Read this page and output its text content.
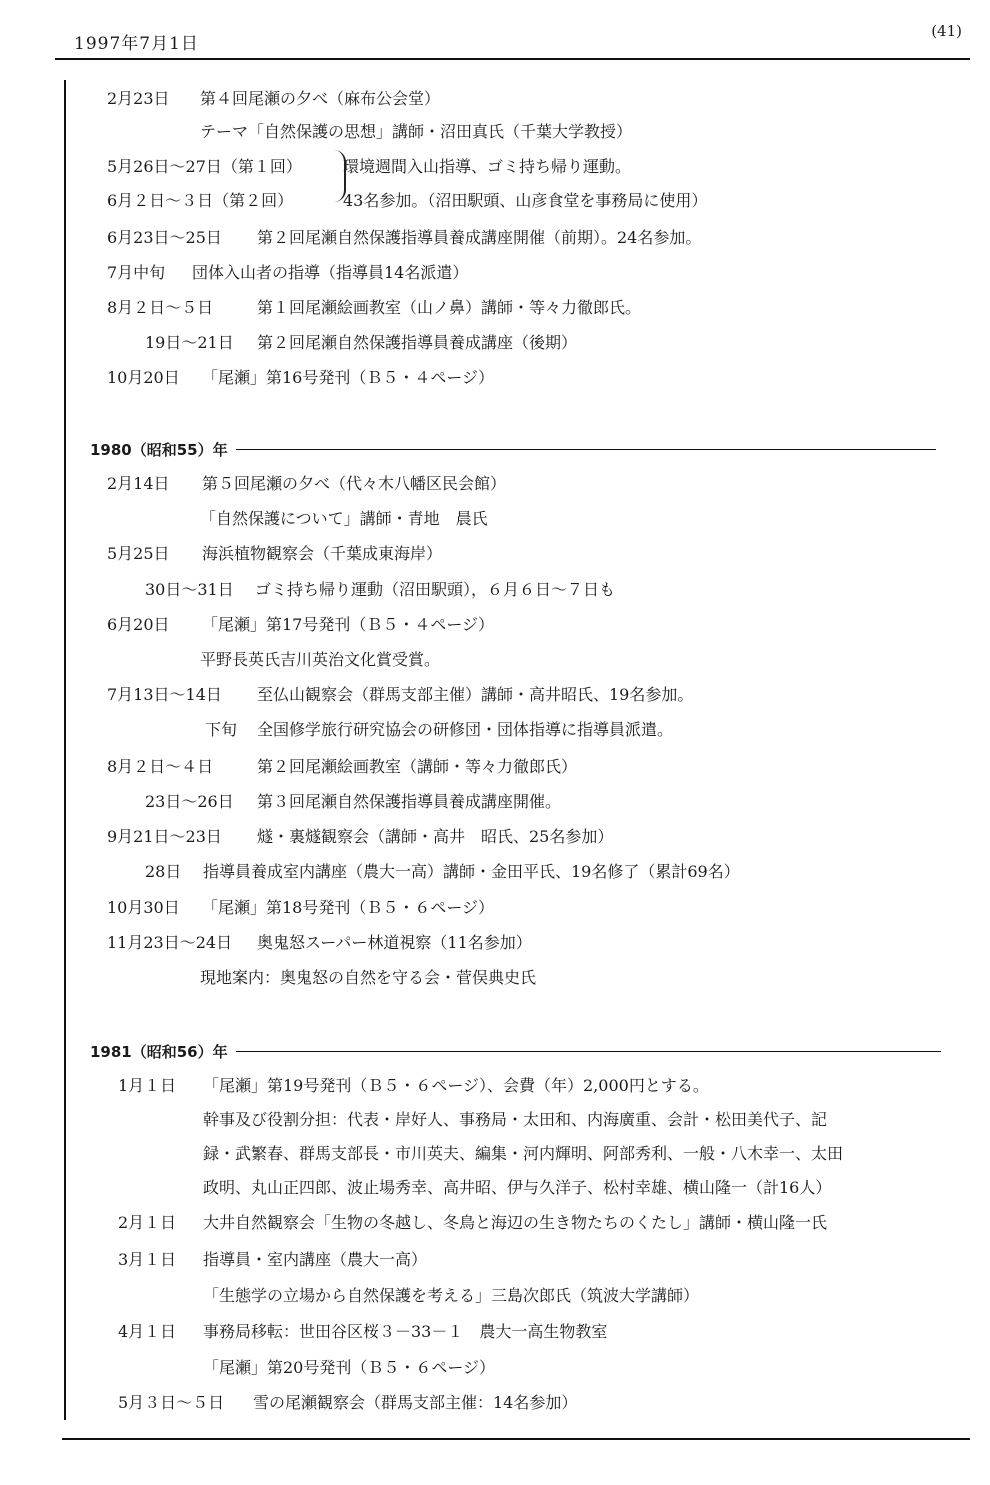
1997年7月1日
(41)
1980（昭和55）年
1981（昭和56）年
2月23日 第４回尾瀬の夕べ（麻布公会堂）
テーマ「自然保護の思想」講師・沼田真氏（千葉大学教授）
5月26日～27日（第１回）	環境週間入山指導、ゴミ持ち帰り運動。
6月２日～３日（第２回）	43名参加。（沼田駅頭、山彦食堂を事務局に使用）
6月23日～25日 第２回尾瀬自然保護指導員養成講座開催（前期）。24名参加。
7月中旬 団体入山者の指導（指導員14名派遣）
8月２日～５日	第１回尾瀬絵画教室（山ノ鼻）講師・等々力徹郎氏。
19日～21日 第２回尾瀬自然保護指導員養成講座（後期）
10月20日 「尾瀬」第16号発刊（Ｂ５・４ページ）
2月14日 第５回尾瀬の夕べ（代々木八幡区民会館）
「自然保護について」講師・青地　晨氏
5月25日 海浜植物観察会（千葉成東海岸）
30日～31日 ゴミ持ち帰り運動（沼田駅頭），６月６日～７日も
6月20日 「尾瀬」第17号発刊（Ｂ５・４ページ）
平野長英氏吉川英治文化賞受賞。
7月13日～14日 至仏山観察会（群馬支部主催）講師・高井昭氏、19名参加。
下旬 全国修学旅行研究協会の研修団・団体指導に指導員派遣。
8月２日～４日	第２回尾瀬絵画教室（講師・等々力徹郎氏）
23日～26日 第３回尾瀬自然保護指導員養成講座開催。
9月21日～23日 燧・裏燧観察会（講師・高井　昭氏、25名参加）
28日 指導員養成室内講座（農大一高）講師・金田平氏、19名修了（累計69名）
10月30日 「尾瀬」第18号発刊（Ｂ５・６ページ）
11月23日～24日 奥鬼怒スーパー林道視察（11名参加）
現地案内：奥鬼怒の自然を守る会・菅俣典史氏
1月１日 「尾瀬」第19号発刊（Ｂ５・６ページ）、会費（年）2,000円とする。
幹事及び役割分担：代表・岸好人、事務局・太田和、内海廣重、会計・松田美代子、記
録・武繁春、群馬支部長・市川英夫、編集・河内輝明、阿部秀利、一般・八木幸一、太田
政明、丸山正四郎、波止場秀幸、高井昭、伊与久洋子、松村幸雄、横山隆一（計16人）
2月１日 大井自然観察会「生物の冬越し、冬鳥と海辺の生き物たちのくたし」講師・横山隆一氏
3月１日 指導員・室内講座（農大一高）
「生態学の立場から自然保護を考える」三島次郎氏（筑波大学講師）
4月１日 事務局移転：世田谷区桜３－33－１　農大一高生物教室
「尾瀬」第20号発刊（Ｂ５・６ページ）
5月３日～５日 雪の尾瀬観察会（群馬支部主催：14名参加）
